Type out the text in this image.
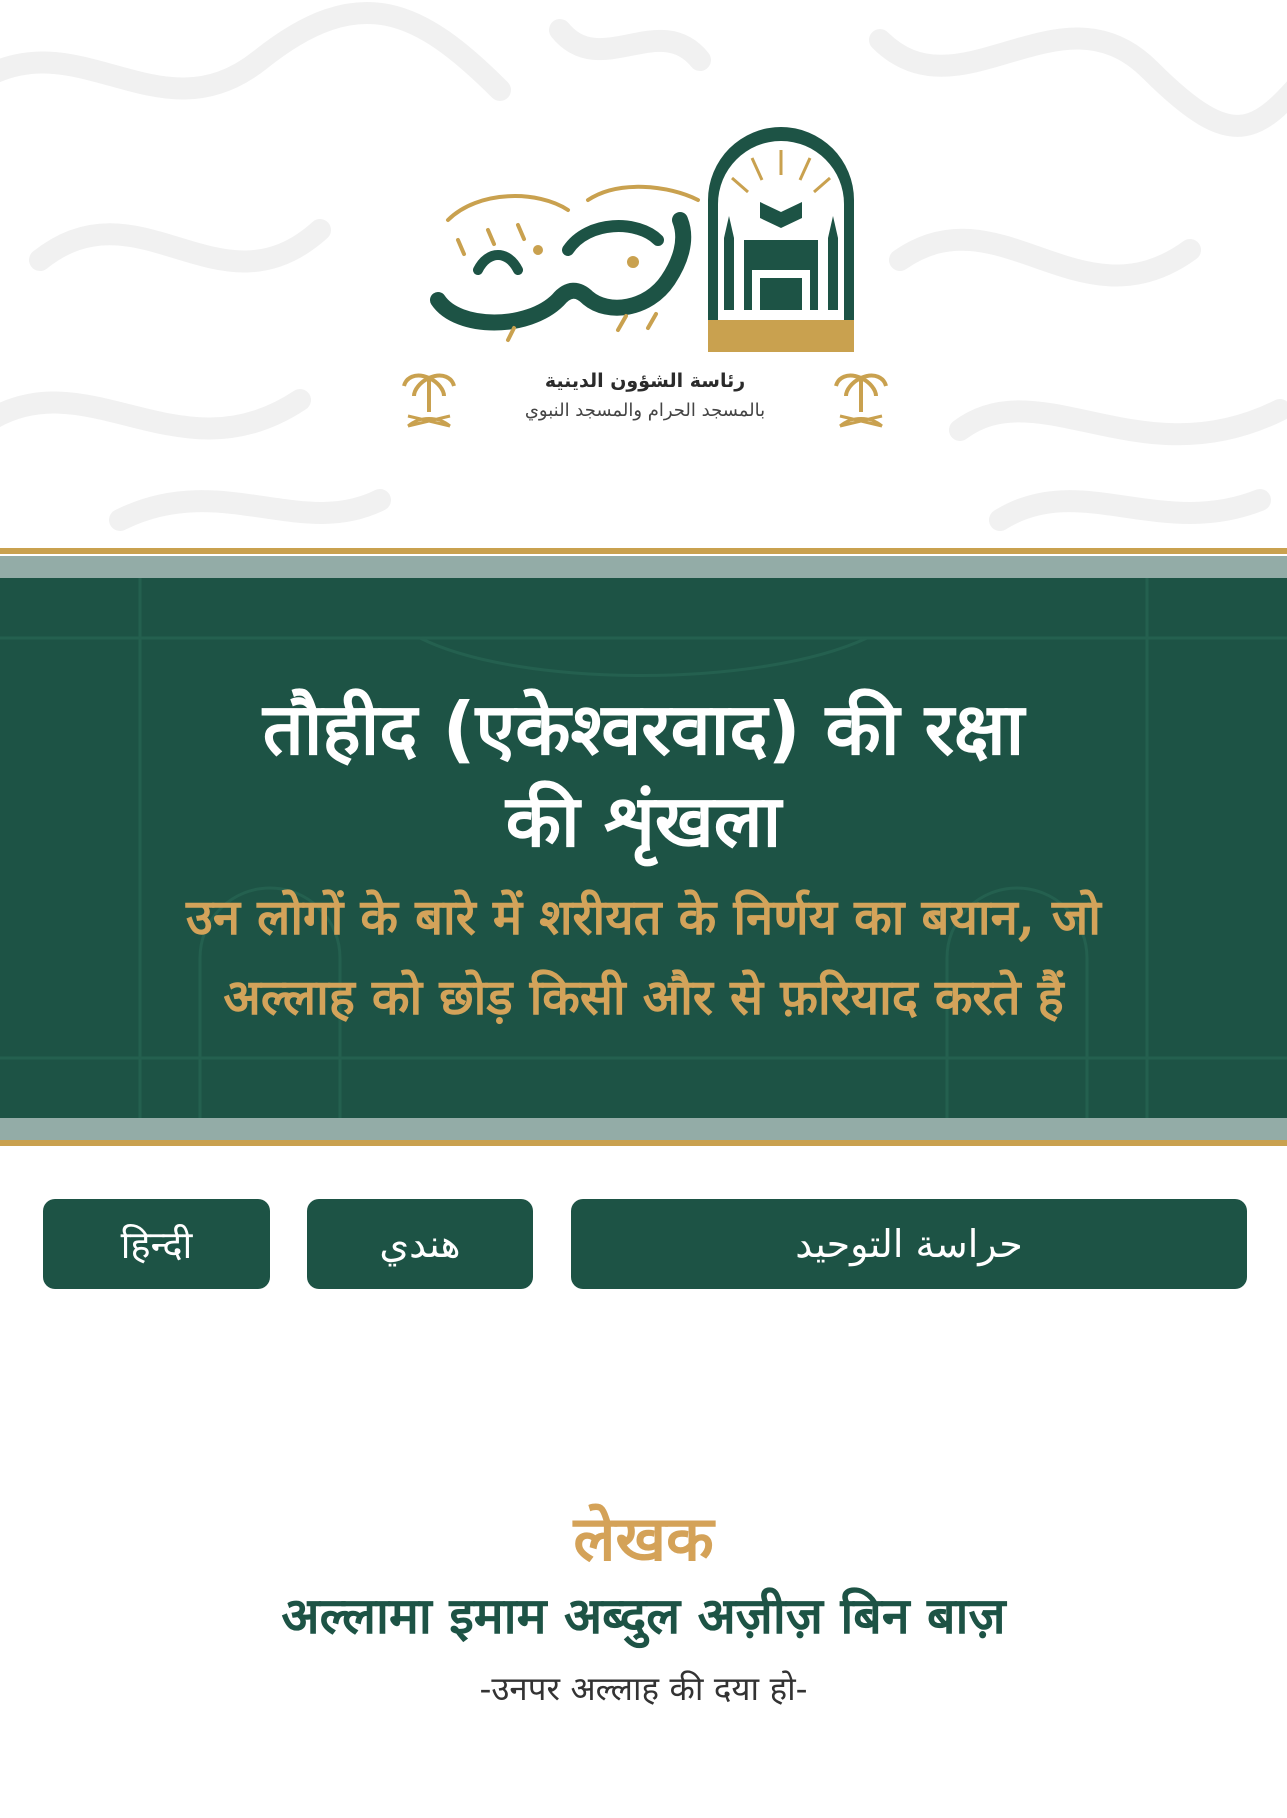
رئاسة الشؤون الدينية
بالمسجد الحرام والمسجد النبوي
तौहीद (एकेश्वरवाद) की रक्षा
की शृंखला
उन लोगों के बारे में शरीयत के निर्णय का बयान, जो
अल्लाह को छोड़ किसी और से फ़रियाद करते हैं
हिन्दी	هندي	حراسة التوحيد
लेखक
अल्लामा इमाम अब्दुल अज़ीज़ बिन बाज़
-उनपर अल्लाह की दया हो-
